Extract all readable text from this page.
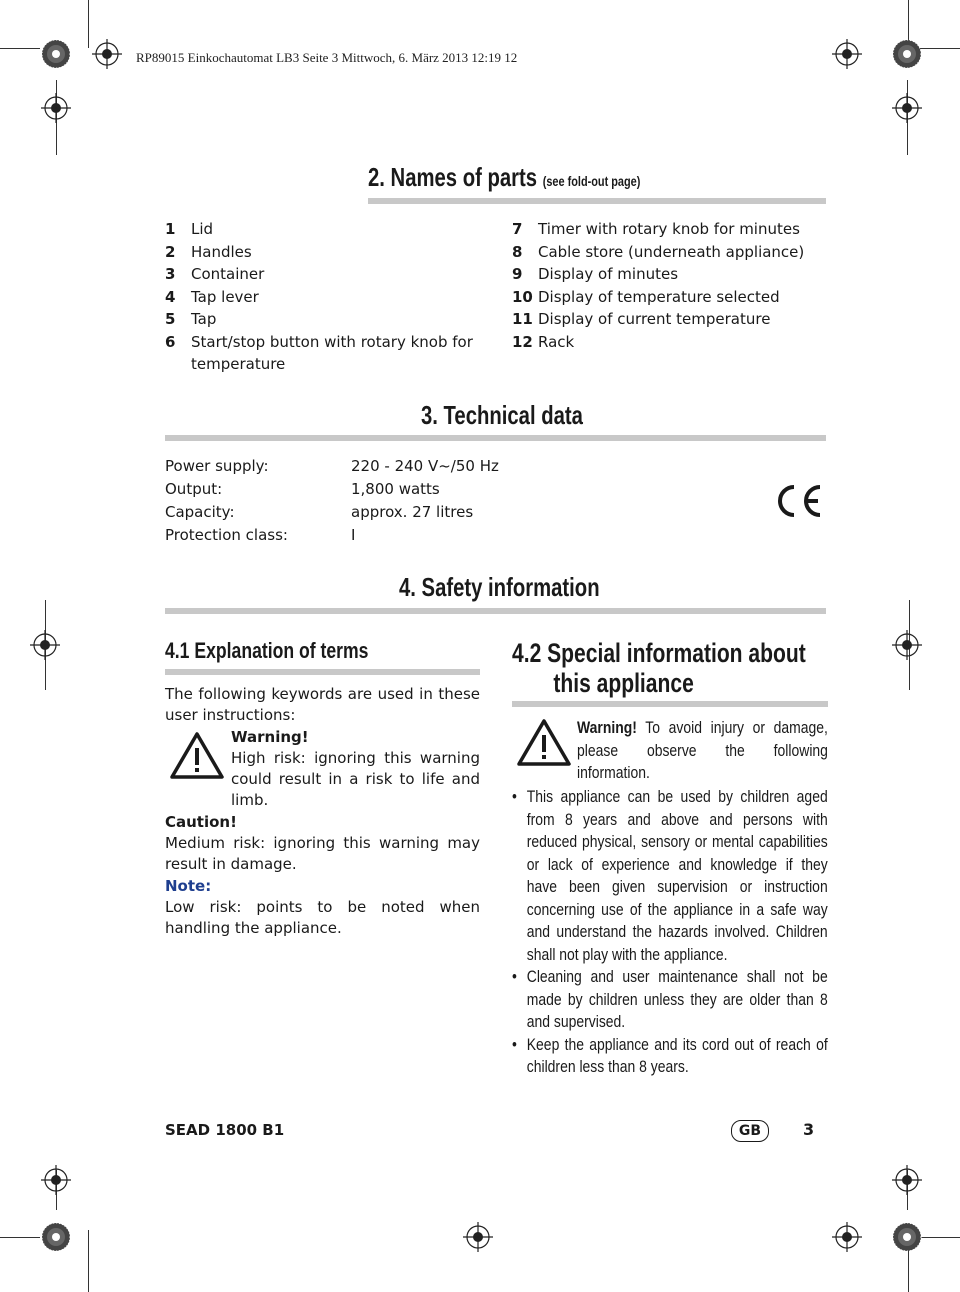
RP89015 Einkochautomat LB3 Seite 3 Mittwoch, 6. März 2013 12:19 12
2. Names of parts (see fold-out page)
1	Lid
2	Handles
3	Container
4	Tap lever
5	Tap
6	Start/stop button with rotary knob for temperature
7	Timer with rotary knob for minutes
8	Cable store (underneath appliance)
9	Display of minutes
10 Display of temperature selected
11 Display of current temperature
12 Rack
3. Technical data
Power supply:	220 - 240 V~/50 Hz
Output:	1,800 watts
Capacity:	approx. 27 litres
Protection class:	I
4. Safety information
4.1 Explanation of terms
The following keywords are used in these user instructions:
Warning!
High risk: ignoring this warning could result in a risk to life and limb.
Caution!
Medium risk: ignoring this warning may result in damage.
Note:
Low risk: points to be noted when handling the appliance.
4.2 Special information about
this appliance
Warning! To avoid injury or damage, please observe the following information.
• This appliance can be used by children aged from 8 years and above and persons with reduced physical, sensory or mental capabilities or lack of experience and knowledge if they have been given supervision or instruction concerning use of the appliance in a safe way and understand the hazards involved. Children shall not play with the appliance.
• Cleaning and user maintenance shall not be made by children unless they are older than 8 and supervised.
• Keep the appliance and its cord out of reach of children less than 8 years.
SEAD 1800 B1	GB	3
